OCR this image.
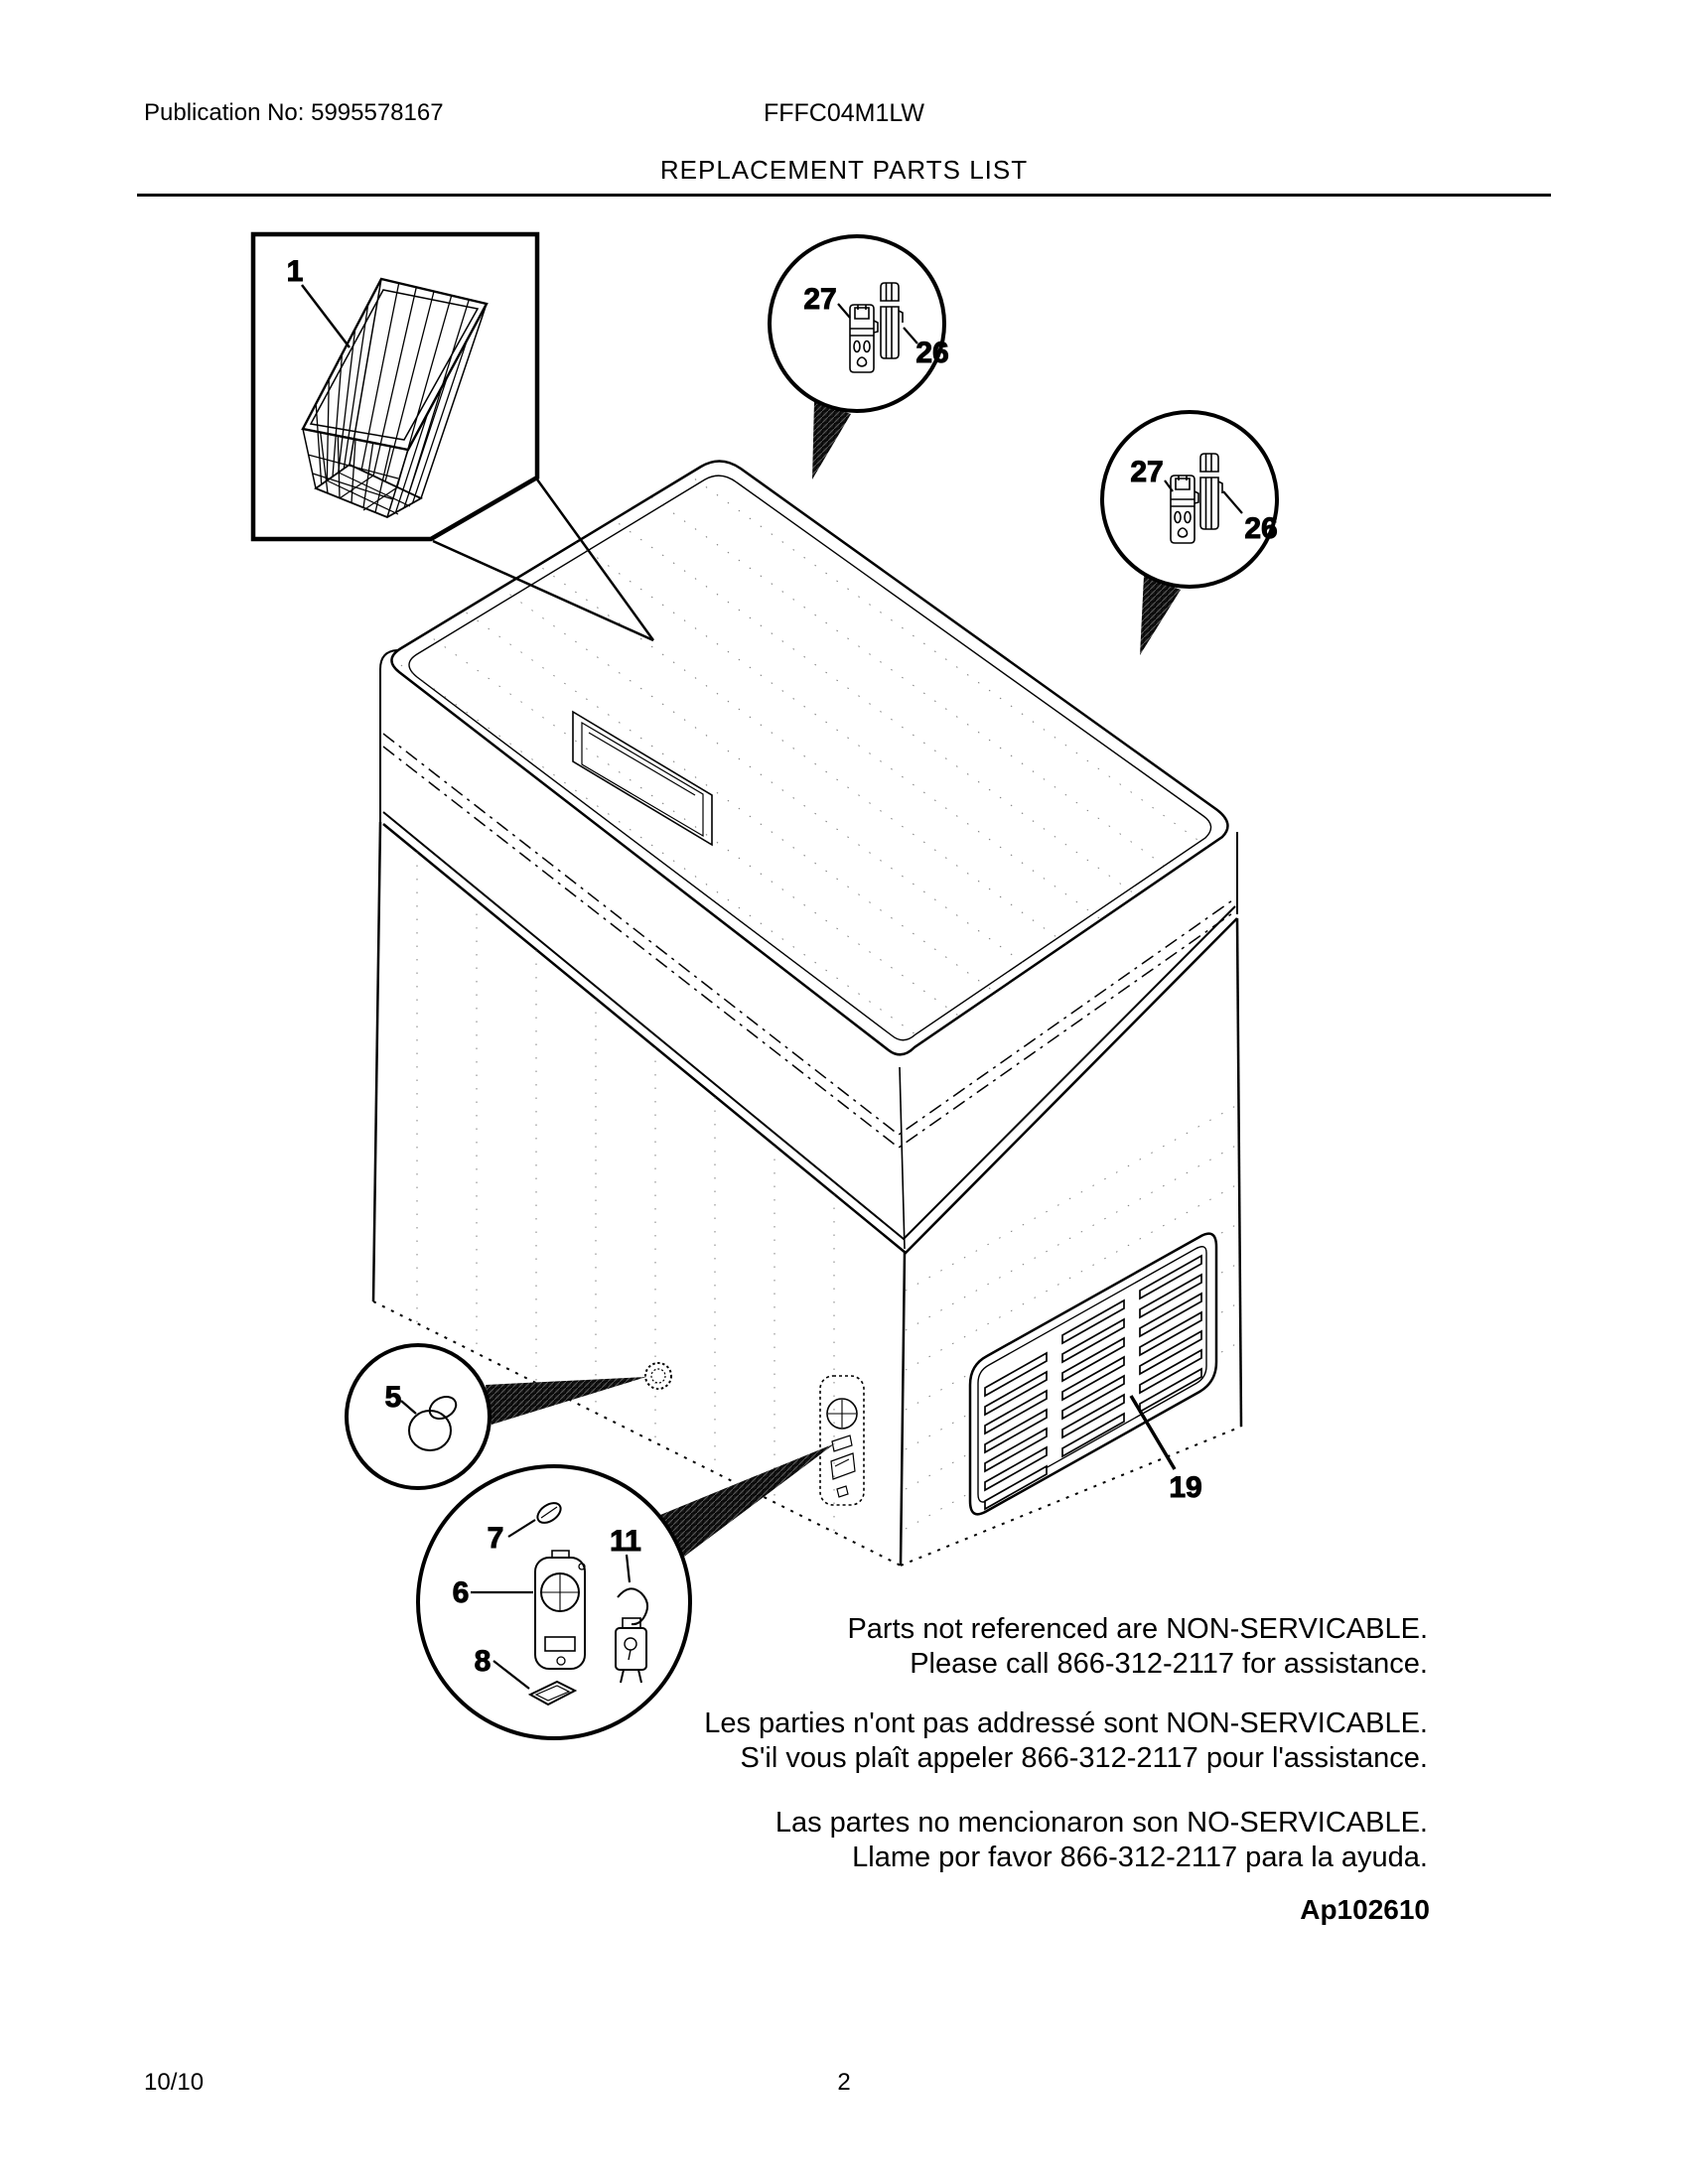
Publication No: 5995578167	FFFC04M1LW
REPLACEMENT PARTS LIST
1
27
26
27
26
5
7
6
11
8
19
Parts not referenced are NON-SERVICABLE.
Please call 866-312-2117 for assistance.
Les parties n'ont pas addressé sont NON-SERVICABLE.
S'il vous plaît appeler 866-312-2117 pour l'assistance.
Las partes no mencionaron son NO-SERVICABLE.
Llame por favor 866-312-2117 para la ayuda.
Ap102610
10/10	2
